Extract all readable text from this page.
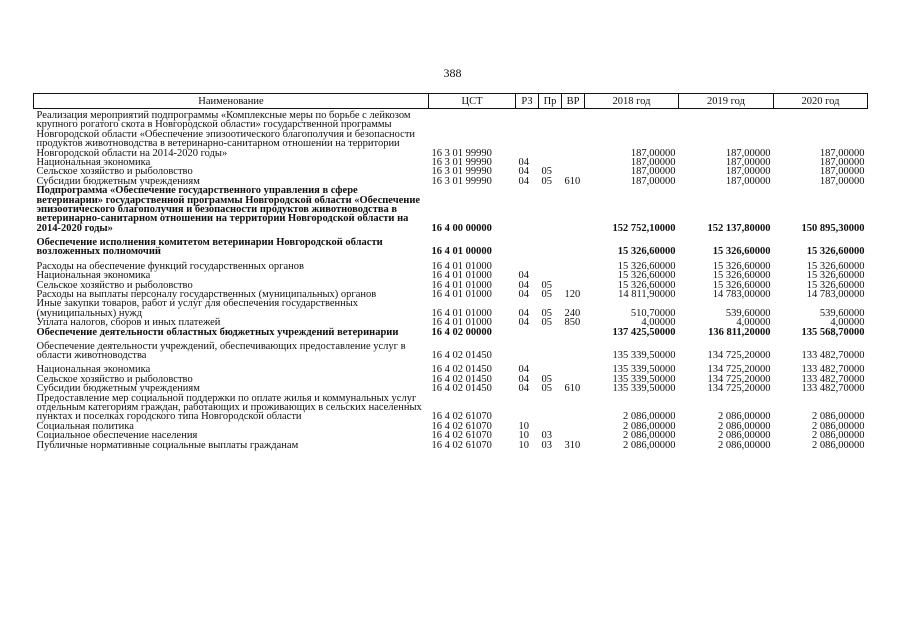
388
Наименование	ЦСТ	РЗ	Пр	ВР	2018 год	2019 год	2020 год
Реализация мероприятий подпрограммы «Комплексные меры по борьбе с лейкозом крупного рогатого скота в Новгородской области» государственной программы Новгородской области «Обеспечение эпизоотического благополучия и безопасности продуктов животноводства в ветеринарно-санитарном отношении на территории Новгородской области на 2014-2020 годы»	16 3 01 99990				187,00000	187,00000	187,00000
Национальная экономика	16 3 01 99990	04			187,00000	187,00000	187,00000
Сельское хозяйство и рыболовство	16 3 01 99990	04	05		187,00000	187,00000	187,00000
Субсидии бюджетным учреждениям	16 3 01 99990	04	05	610	187,00000	187,00000	187,00000
Подпрограмма «Обеспечение государственного управления в сфере ветеринарии» государственной программы Новгородской области «Обеспечение эпизоотического благополучия и безопасности продуктов животноводства в ветеринарно-санитарном отношении на территории Новгородской области на 2014-2020 годы»	16 4 00 00000				152 752,10000	152 137,80000	150 895,30000
Обеспечение исполнения комитетом ветеринарии Новгородской области возложенных полномочий	16 4 01 00000				15 326,60000	15 326,60000	15 326,60000
Расходы на обеспечение функций государственных органов	16 4 01 01000				15 326,60000	15 326,60000	15 326,60000
Национальная экономика	16 4 01 01000	04			15 326,60000	15 326,60000	15 326,60000
Сельское хозяйство и рыболовство	16 4 01 01000	04	05		15 326,60000	15 326,60000	15 326,60000
Расходы на выплаты персоналу государственных (муниципальных) органов	16 4 01 01000	04	05	120	14 811,90000	14 783,00000	14 783,00000
Иные закупки товаров, работ и услуг для обеспечения государственных (муниципальных) нужд	16 4 01 01000	04	05	240	510,70000	539,60000	539,60000
Уплата налогов, сборов и иных платежей	16 4 01 01000	04	05	850	4,00000	4,00000	4,00000
Обеспечение деятельности областных бюджетных учреждений ветеринарии	16 4 02 00000				137 425,50000	136 811,20000	135 568,70000
Обеспечение деятельности учреждений, обеспечивающих предоставление услуг в области животноводства	16 4 02 01450				135 339,50000	134 725,20000	133 482,70000
Национальная экономика	16 4 02 01450	04			135 339,50000	134 725,20000	133 482,70000
Сельское хозяйство и рыболовство	16 4 02 01450	04	05		135 339,50000	134 725,20000	133 482,70000
Субсидии бюджетным учреждениям	16 4 02 01450	04	05	610	135 339,50000	134 725,20000	133 482,70000
Предоставление мер социальной поддержки по оплате жилья и коммунальных услуг отдельным категориям граждан, работающих и проживающих в сельских населенных пунктах и поселках городского типа Новгородской области	16 4 02 61070				2 086,00000	2 086,00000	2 086,00000
Социальная политика	16 4 02 61070	10			2 086,00000	2 086,00000	2 086,00000
Социальное обеспечение населения	16 4 02 61070	10	03		2 086,00000	2 086,00000	2 086,00000
Публичные нормативные социальные выплаты гражданам	16 4 02 61070	10	03	310	2 086,00000	2 086,00000	2 086,00000
